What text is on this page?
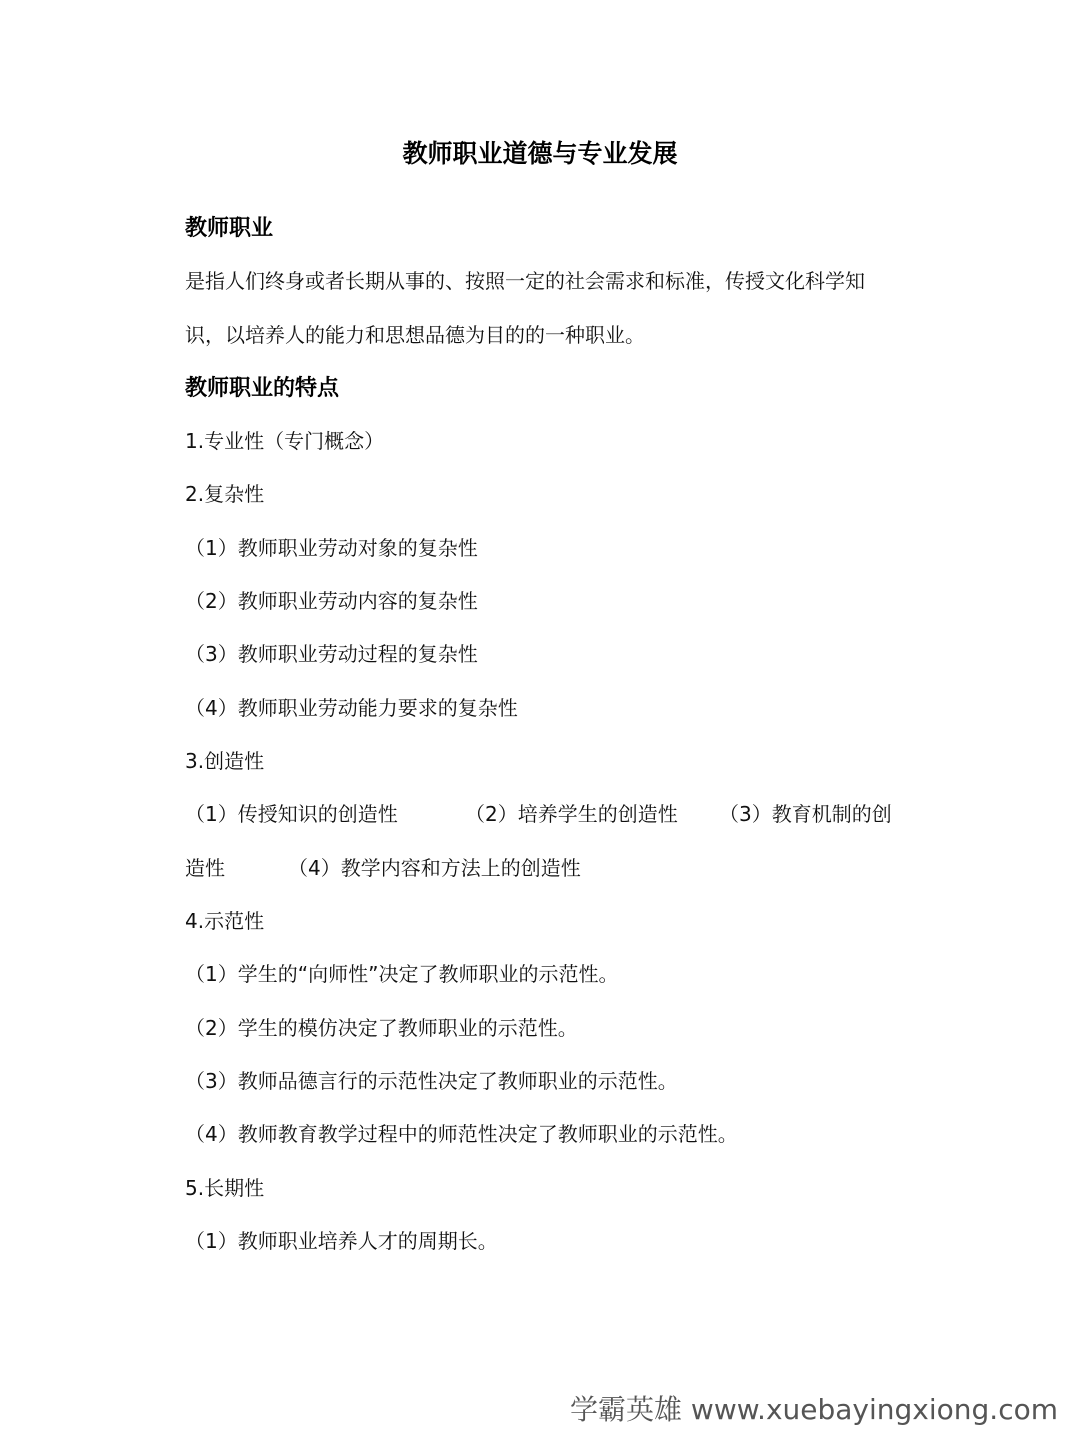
教师职业道德与专业发展
教师职业
是指人们终身或者长期从事的、按照一定的社会需求和标准，传授文化科学知
识，以培养人的能力和思想品德为目的的一种职业。
教师职业的特点
1.专业性（专门概念）
2.复杂性
（1）教师职业劳动对象的复杂性
（2）教师职业劳动内容的复杂性
（3）教师职业劳动过程的复杂性
（4）教师职业劳动能力要求的复杂性
3.创造性
（1）传授知识的创造性	（2）培养学生的创造性 （3）教育机制的创
造性	（4）教学内容和方法上的创造性
4.示范性
（1）学生的“向师性”决定了教师职业的示范性。
（2）学生的模仿决定了教师职业的示范性。
（3）教师品德言行的示范性决定了教师职业的示范性。
（4）教师教育教学过程中的师范性决定了教师职业的示范性。
5.长期性
（1）教师职业培养人才的周期长。
学霸英雄 www.xuebayingxiong.com
